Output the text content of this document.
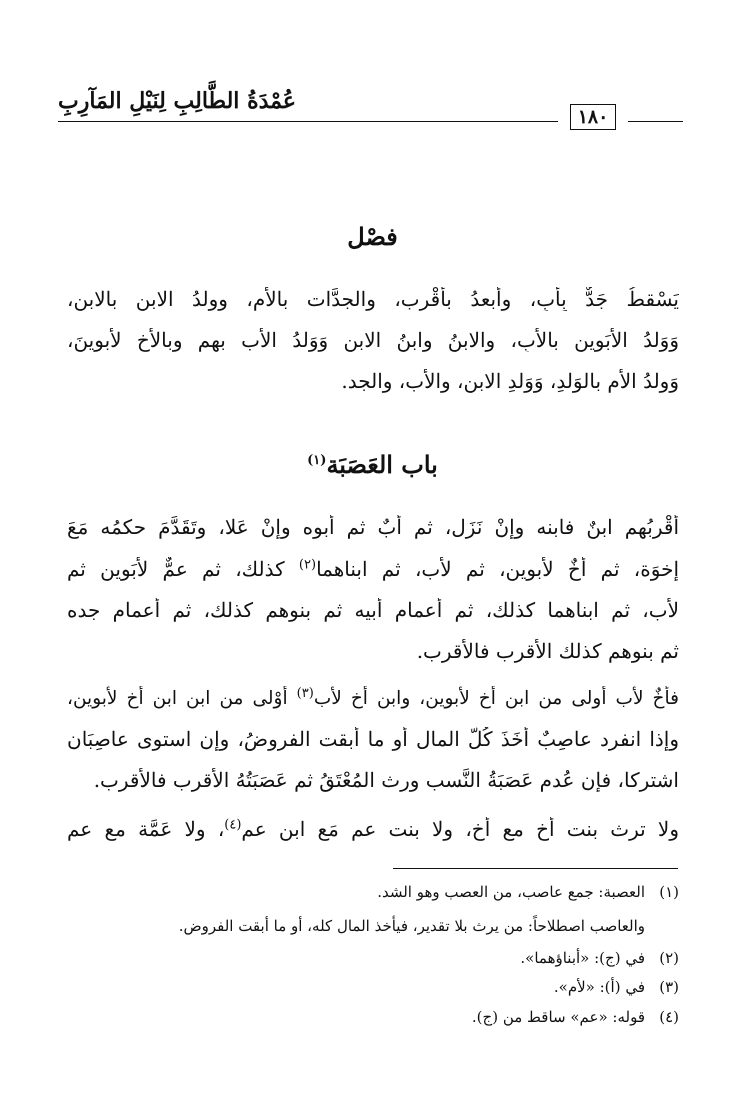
عُمْدَةُ الطَّالِبِ لِنَيْلِ المَآرِبِ
١٨٠
فصْل
يَسْقطُ جَدٌّ بِأَبٍ، وأَبعدُ بأَقْرب، والجدَّات بالأُم، وولدُ الابنِ بالابنِ،
وَوَلدُ الأَبَوينِ بالأَبِ، والابنُ وابنُ الابنِ وَوَلدُ الأَب بهم وبالأَخِ لأَبوينَ،
وَولدُ الأُم بالوَلدِ، وَوَلدِ الابن، والأَب، والجد.
باب العَصَبَة$^{(١)}$
أَقْربُهم ابنٌ فابنه وإنْ نَزَل، ثم أَبٌ ثم أبوه وإنْ عَلا، وتَقَدَّمَ حكمُه مَعَ
إخوَة، ثم أَخٌ لأَبوين، ثم لأَب، ثم ابناهما$^{(٢)}$ كذلك، ثم عمٌّ لأَبَوين ثم
لأَب، ثم ابناهما كذلك، ثم أعمام أَبيه ثم بنوهم كذلك، ثم أعمام جده
ثم بنوهم كذلك الأقرب فالأَقرب.
فأَخٌ لأَب أَولى من ابن أَخ لأَبوين، وابن أخ لأَب$^{(٣)}$ أَوْلى من ابن ابن أَخ لأَبوين،
وإذا انفرد عاصِبٌ أَخَذَ كُلَّ المال أو ما أبقت الفروضُ، وإن استوى عاصِبَان
اشتركا، فإن عُدم عَصَبَةُ النَّسب ورث المُعْتَقُ ثم عَصَبَتُهُ الأقرب فالأَقرب.
ولا ترث بنت أخ مع أخ، ولا بنت عم مَع ابن عم$^{(٤)}$، ولا عَمَّة مع عم
(١)العصبة: جمع عاصب، من العصب وهو الشد.
والعاصب اصطلاحاً: من يرث بلا تقدير، فيأخذ المال كله، أو ما أبقت الفروض.
(٢)في (ج): «أبناؤهما».
(٣)في (أ): «لأم».
(٤)قوله: «عم» ساقط من (ج).
